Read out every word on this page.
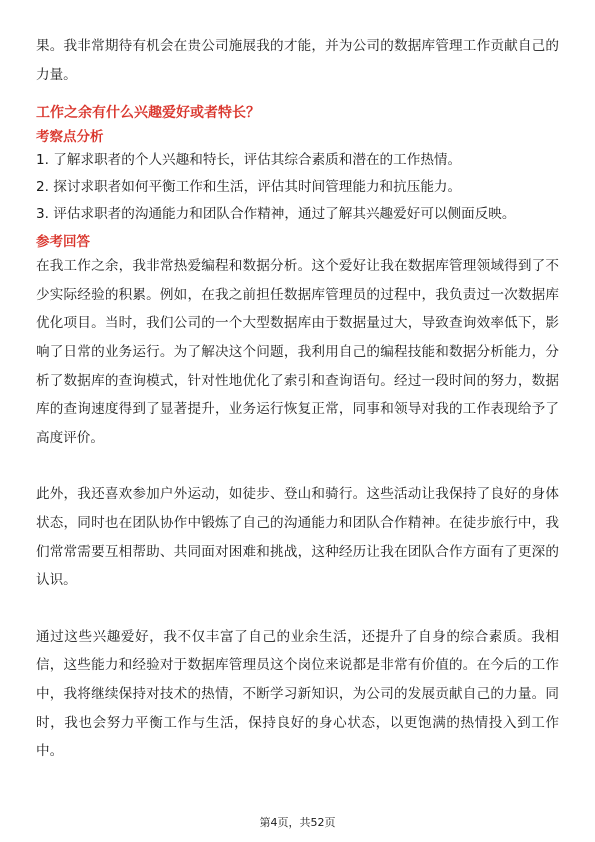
果。我非常期待有机会在贵公司施展我的才能，并为公司的数据库管理工作贡献自己的力量。

工作之余有什么兴趣爱好或者特长？
考察点分析

1. 了解求职者的个人兴趣和特长，评估其综合素质和潜在的工作热情。

2. 探讨求职者如何平衡工作和生活，评估其时间管理能力和抗压能力。

3. 评估求职者的沟通能力和团队合作精神，通过了解其兴趣爱好可以侧面反映。

参考回答

在我工作之余，我非常热爱编程和数据分析。这个爱好让我在数据库管理领域得到了不少实际经验的积累。例如，在我之前担任数据库管理员的过程中，我负责过一次数据库优化项目。当时，我们公司的一个大型数据库由于数据量过大，导致查询效率低下，影响了日常的业务运行。为了解决这个问题，我利用自己的编程技能和数据分析能力，分析了数据库的查询模式，针对性地优化了索引和查询语句。经过一段时间的努力，数据库的查询速度得到了显著提升，业务运行恢复正常，同事和领导对我的工作表现给予了高度评价。

此外，我还喜欢参加户外运动，如徒步、登山和骑行。这些活动让我保持了良好的身体状态，同时也在团队协作中锻炼了自己的沟通能力和团队合作精神。在徒步旅行中，我们常常需要互相帮助、共同面对困难和挑战，这种经历让我在团队合作方面有了更深的认识。

通过这些兴趣爱好，我不仅丰富了自己的业余生活，还提升了自身的综合素质。我相信，这些能力和经验对于数据库管理员这个岗位来说都是非常有价值的。在今后的工作中，我将继续保持对技术的热情，不断学习新知识，为公司的发展贡献自己的力量。同时，我也会努力平衡工作与生活，保持良好的身心状态，以更饱满的热情投入到工作中。

第4页，共52页
